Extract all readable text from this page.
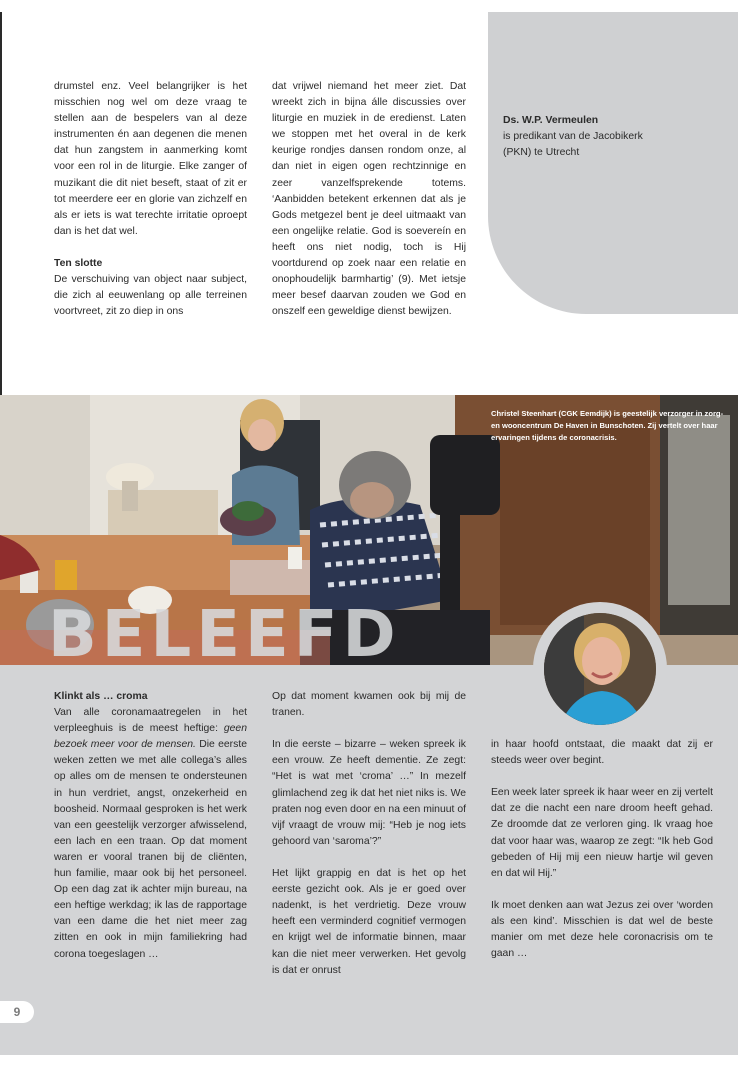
drumstel enz. Veel belangrijker is het misschien nog wel om deze vraag te stellen aan de bespelers van al deze instrumenten én aan degenen die menen dat hun zangstem in aanmerking komt voor een rol in de liturgie. Elke zanger of muzikant die dit niet beseft, staat of zit er tot meerdere eer en glorie van zichzelf en als er iets is wat terechte irritatie oproept dan is het dat wel.

Ten slotte

De verschuiving van object naar subject, die zich al eeuwenlang op alle terreinen voortvreet, zit zo diep in ons

dat vrijwel niemand het meer ziet. Dat wreekt zich in bijna álle discussies over liturgie en muziek in de eredienst. Laten we stoppen met het overal in de kerk keurige rondjes dansen rondom onze, al dan niet in eigen ogen rechtzinnige en zeer vanzelfsprekende totems. ‘Aanbidden betekent erkennen dat als je Gods metgezel bent je deel uitmaakt van een ongelijke relatie. God is soevereín en heeft ons niet nodig, toch is Hij voortdurend op zoek naar een relatie en onophoudelijk barmhartig’ (9). Met ietsje meer besef daarvan zouden we God en onszelf een geweldige dienst bewijzen.

Ds. W.P. Vermeulen
is predikant van de Jacobikerk
(PKN) te Utrecht
Christel Steenhart (CGK Eemdijk) is geestelijk verzorger in zorg- en wooncentrum De Haven in Bunschoten. Zij vertelt over haar ervaringen tijdens de coronacrisis.
BELEEFD
Klinkt als … croma

Van alle coronamaatregelen in het verpleeghuis is de meest heftige: geen bezoek meer voor de mensen. Die eerste weken zetten we met alle collega’s alles op alles om de mensen te ondersteunen in hun verdriet, angst, onzekerheid en boosheid. Normaal gesproken is het werk van een geestelijk verzorger afwisselend, een lach en een traan. Op dat moment waren er vooral tranen bij de cliënten, hun familie, maar ook bij het personeel. Op een dag zat ik achter mijn bureau, na een heftige werkdag; ik las de rapportage van een dame die het niet meer zag zitten en ook in mijn familiekring had corona toegeslagen …

Op dat moment kwamen ook bij mij de tranen.

In die eerste – bizarre – weken spreek ik een vrouw. Ze heeft dementie. Ze zegt: “Het is wat met ‘croma’ …” In mezelf glimlachend zeg ik dat het niet niks is. We praten nog even door en na een minuut of vijf vraagt de vrouw mij: “Heb je nog iets gehoord van ‘saroma’?”

Het lijkt grappig en dat is het op het eerste gezicht ook. Als je er goed over nadenkt, is het verdrietig. Deze vrouw heeft een verminderd cognitief vermogen en krijgt wel de informatie binnen, maar kan die niet meer verwerken. Het gevolg is dat er onrust

in haar hoofd ontstaat, die maakt dat zij er steeds weer over begint.

Een week later spreek ik haar weer en zij vertelt dat ze die nacht een nare droom heeft gehad. Ze droomde dat ze verloren ging. Ik vraag hoe dat voor haar was, waarop ze zegt: “Ik heb God gebeden of Hij mij een nieuw hartje wil geven en dat wil Hij.”

Ik moet denken aan wat Jezus zei over ‘worden als een kind’. Misschien is dat wel de beste manier om met deze hele coronacrisis om te gaan …

9
